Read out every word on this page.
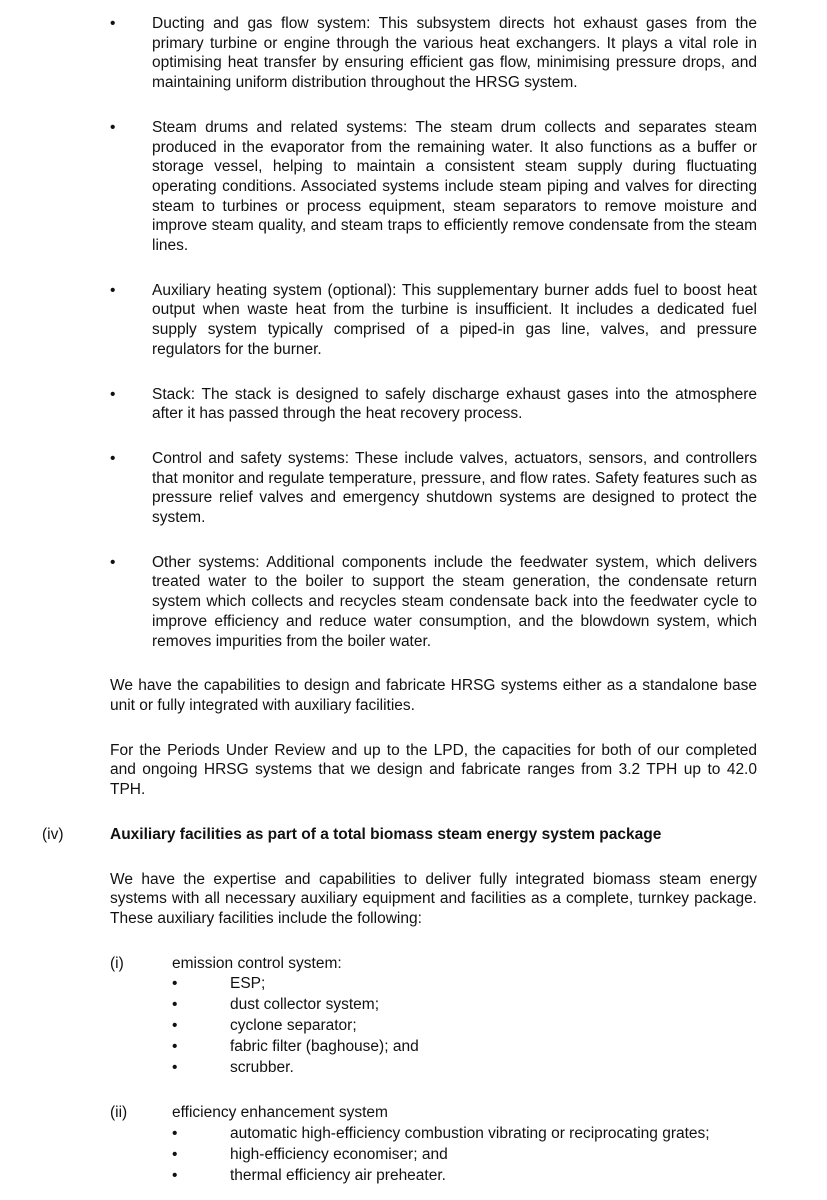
•	Ducting and gas flow system: This subsystem directs hot exhaust gases from the primary turbine or engine through the various heat exchangers. It plays a vital role in optimising heat transfer by ensuring efficient gas flow, minimising pressure drops, and maintaining uniform distribution throughout the HRSG system.

•	Steam drums and related systems: The steam drum collects and separates steam produced in the evaporator from the remaining water. It also functions as a buffer or storage vessel, helping to maintain a consistent steam supply during fluctuating operating conditions. Associated systems include steam piping and valves for directing steam to turbines or process equipment, steam separators to remove moisture and improve steam quality, and steam traps to efficiently remove condensate from the steam lines.

•	Auxiliary heating system (optional): This supplementary burner adds fuel to boost heat output when waste heat from the turbine is insufficient. It includes a dedicated fuel supply system typically comprised of a piped-in gas line, valves, and pressure regulators for the burner.

•	Stack: The stack is designed to safely discharge exhaust gases into the atmosphere after it has passed through the heat recovery process.

•	Control and safety systems: These include valves, actuators, sensors, and controllers that monitor and regulate temperature, pressure, and flow rates. Safety features such as pressure relief valves and emergency shutdown systems are designed to protect the system.

•	Other systems: Additional components include the feedwater system, which delivers treated water to the boiler to support the steam generation, the condensate return system which collects and recycles steam condensate back into the feedwater cycle to improve efficiency and reduce water consumption, and the blowdown system, which removes impurities from the boiler water.

We have the capabilities to design and fabricate HRSG systems either as a standalone base unit or fully integrated with auxiliary facilities.

For the Periods Under Review and up to the LPD, the capacities for both of our completed and ongoing HRSG systems that we design and fabricate ranges from 3.2 TPH up to 42.0 TPH.

(iv)	Auxiliary facilities as part of a total biomass steam energy system package

We have the expertise and capabilities to deliver fully integrated biomass steam energy systems with all necessary auxiliary equipment and facilities as a complete, turnkey package. These auxiliary facilities include the following:

(i)	emission control system:
•	ESP;
•	dust collector system;
•	cyclone separator;
•	fabric filter (baghouse); and
•	scrubber.
(ii)	efficiency enhancement system
•	automatic high-efficiency combustion vibrating or reciprocating grates;
•	high-efficiency economiser; and
•	thermal efficiency air preheater.
